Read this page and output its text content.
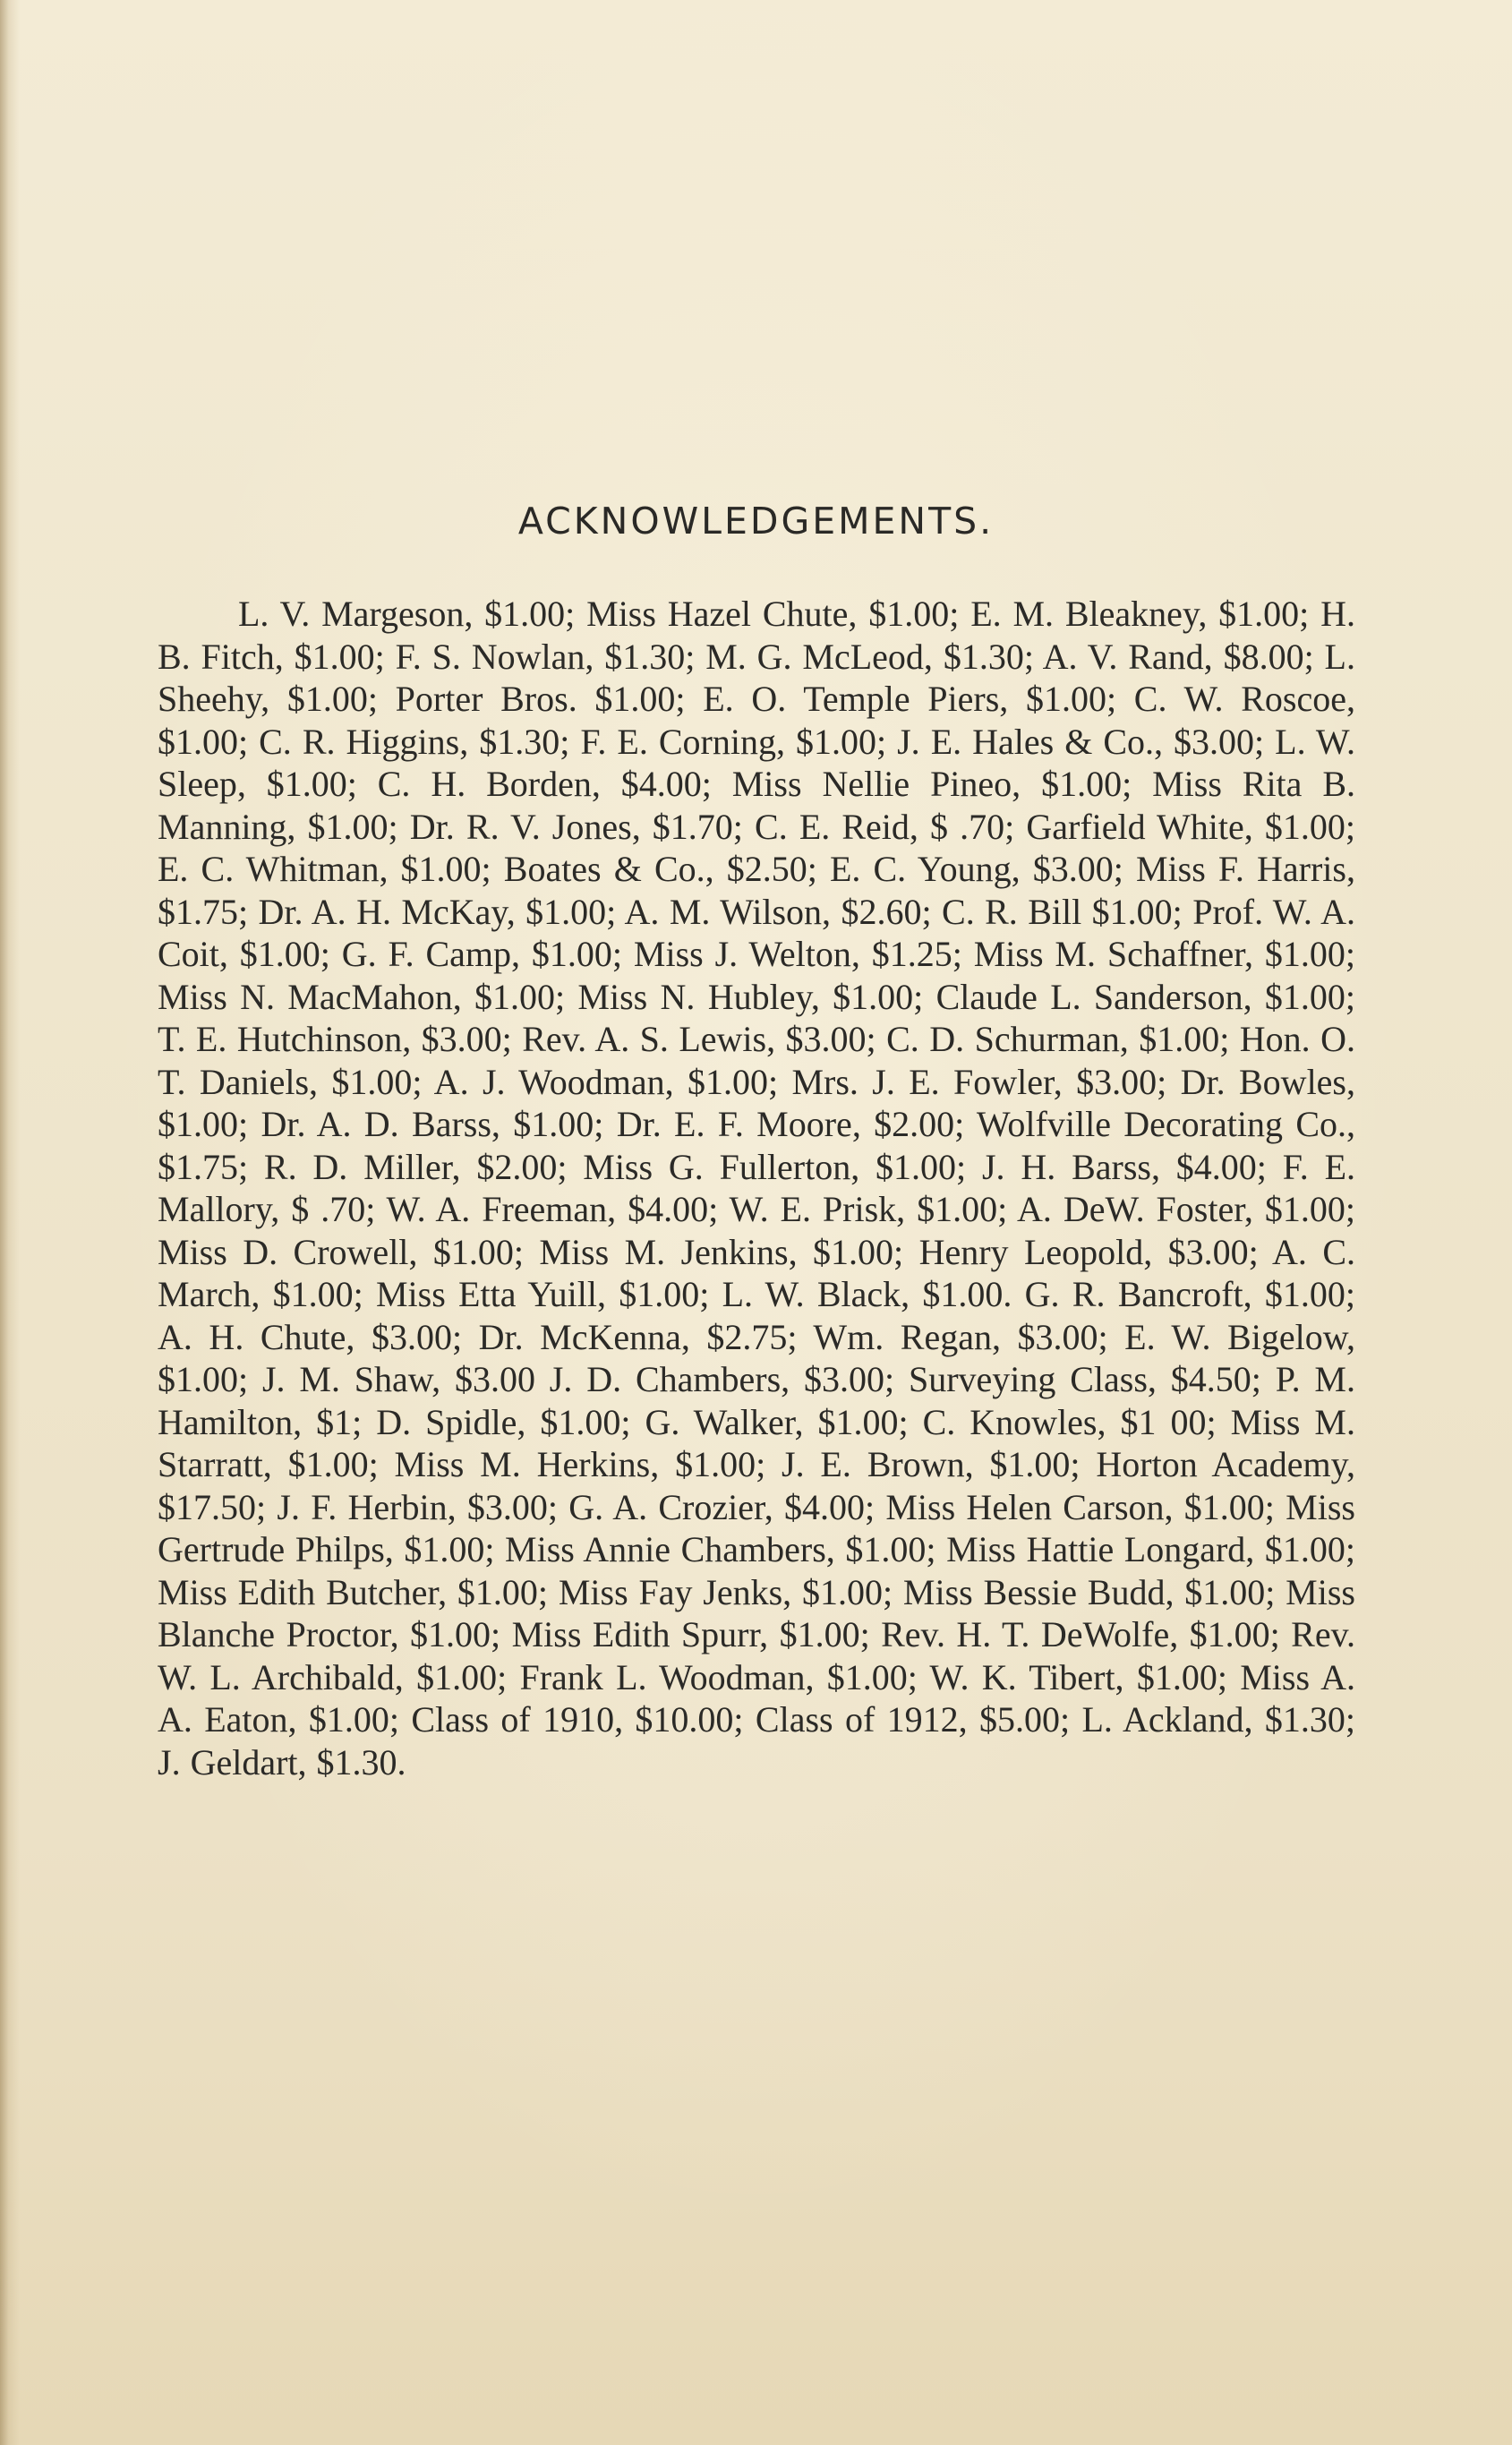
ACKNOWLEDGEMENTS.

L. V. Margeson, $1.00; Miss Hazel Chute, $1.00; E. M. Bleakney, $1.00; H. B. Fitch, $1.00; F. S. Nowlan, $1.30; M. G. McLeod, $1.30; A. V. Rand, $8.00; L. Sheehy, $1.00; Porter Bros. $1.00; E. O. Temple Piers, $1.00; C. W. Roscoe, $1.00; C. R. Higgins, $1.30; F. E. Corning, $1.00; J. E. Hales & Co., $3.00; L. W. Sleep, $1.00; C. H. Borden, $4.00; Miss Nellie Pineo, $1.00; Miss Rita B. Manning, $1.00; Dr. R. V. Jones, $1.70; C. E. Reid, $ .70; Garfield White, $1.00; E. C. Whitman, $1.00; Boates & Co., $2.50; E. C. Young, $3.00; Miss F. Harris, $1.75; Dr. A. H. McKay, $1.00; A. M. Wilson, $2.60; C. R. Bill $1.00; Prof. W. A. Coit, $1.00; G. F. Camp, $1.00; Miss J. Welton, $1.25; Miss M. Schaffner, $1.00; Miss N. MacMahon, $1.00; Miss N. Hubley, $1.00; Claude L. Sanderson, $1.00; T. E. Hutchinson, $3.00; Rev. A. S. Lewis, $3.00; C. D. Schurman, $1.00; Hon. O. T. Daniels, $1.00; A. J. Woodman, $1.00; Mrs. J. E. Fowler, $3.00; Dr. Bowles, $1.00; Dr. A. D. Barss, $1.00; Dr. E. F. Moore, $2.00; Wolfville Decorating Co., $1.75; R. D. Miller, $2.00; Miss G. Fullerton, $1.00; J. H. Barss, $4.00; F. E. Mallory, $ .70; W. A. Freeman, $4.00; W. E. Prisk, $1.00; A. DeW. Foster, $1.00; Miss D. Crowell, $1.00; Miss M. Jenkins, $1.00; Henry Leopold, $3.00; A. C. March, $1.00; Miss Etta Yuill, $1.00; L. W. Black, $1.00. G. R. Bancroft, $1.00; A. H. Chute, $3.00; Dr. McKenna, $2.75; Wm. Regan, $3.00; E. W. Bigelow, $1.00; J. M. Shaw, $3.00 J. D. Chambers, $3.00; Surveying Class, $4.50; P. M. Hamilton, $1; D. Spidle, $1.00; G. Walker, $1.00; C. Knowles, $1 00; Miss M. Starratt, $1.00; Miss M. Herkins, $1.00; J. E. Brown, $1.00; Horton Academy, $17.50; J. F. Herbin, $3.00; G. A. Crozier, $4.00; Miss Helen Carson, $1.00; Miss Gertrude Philps, $1.00; Miss Annie Chambers, $1.00; Miss Hattie Longard, $1.00; Miss Edith Butcher, $1.00; Miss Fay Jenks, $1.00; Miss Bessie Budd, $1.00; Miss Blanche Proctor, $1.00; Miss Edith Spurr, $1.00; Rev. H. T. DeWolfe, $1.00; Rev. W. L. Archibald, $1.00; Frank L. Woodman, $1.00; W. K. Tibert, $1.00; Miss A. A. Eaton, $1.00; Class of 1910, $10.00; Class of 1912, $5.00; L. Ackland, $1.30; J. Geldart, $1.30.
